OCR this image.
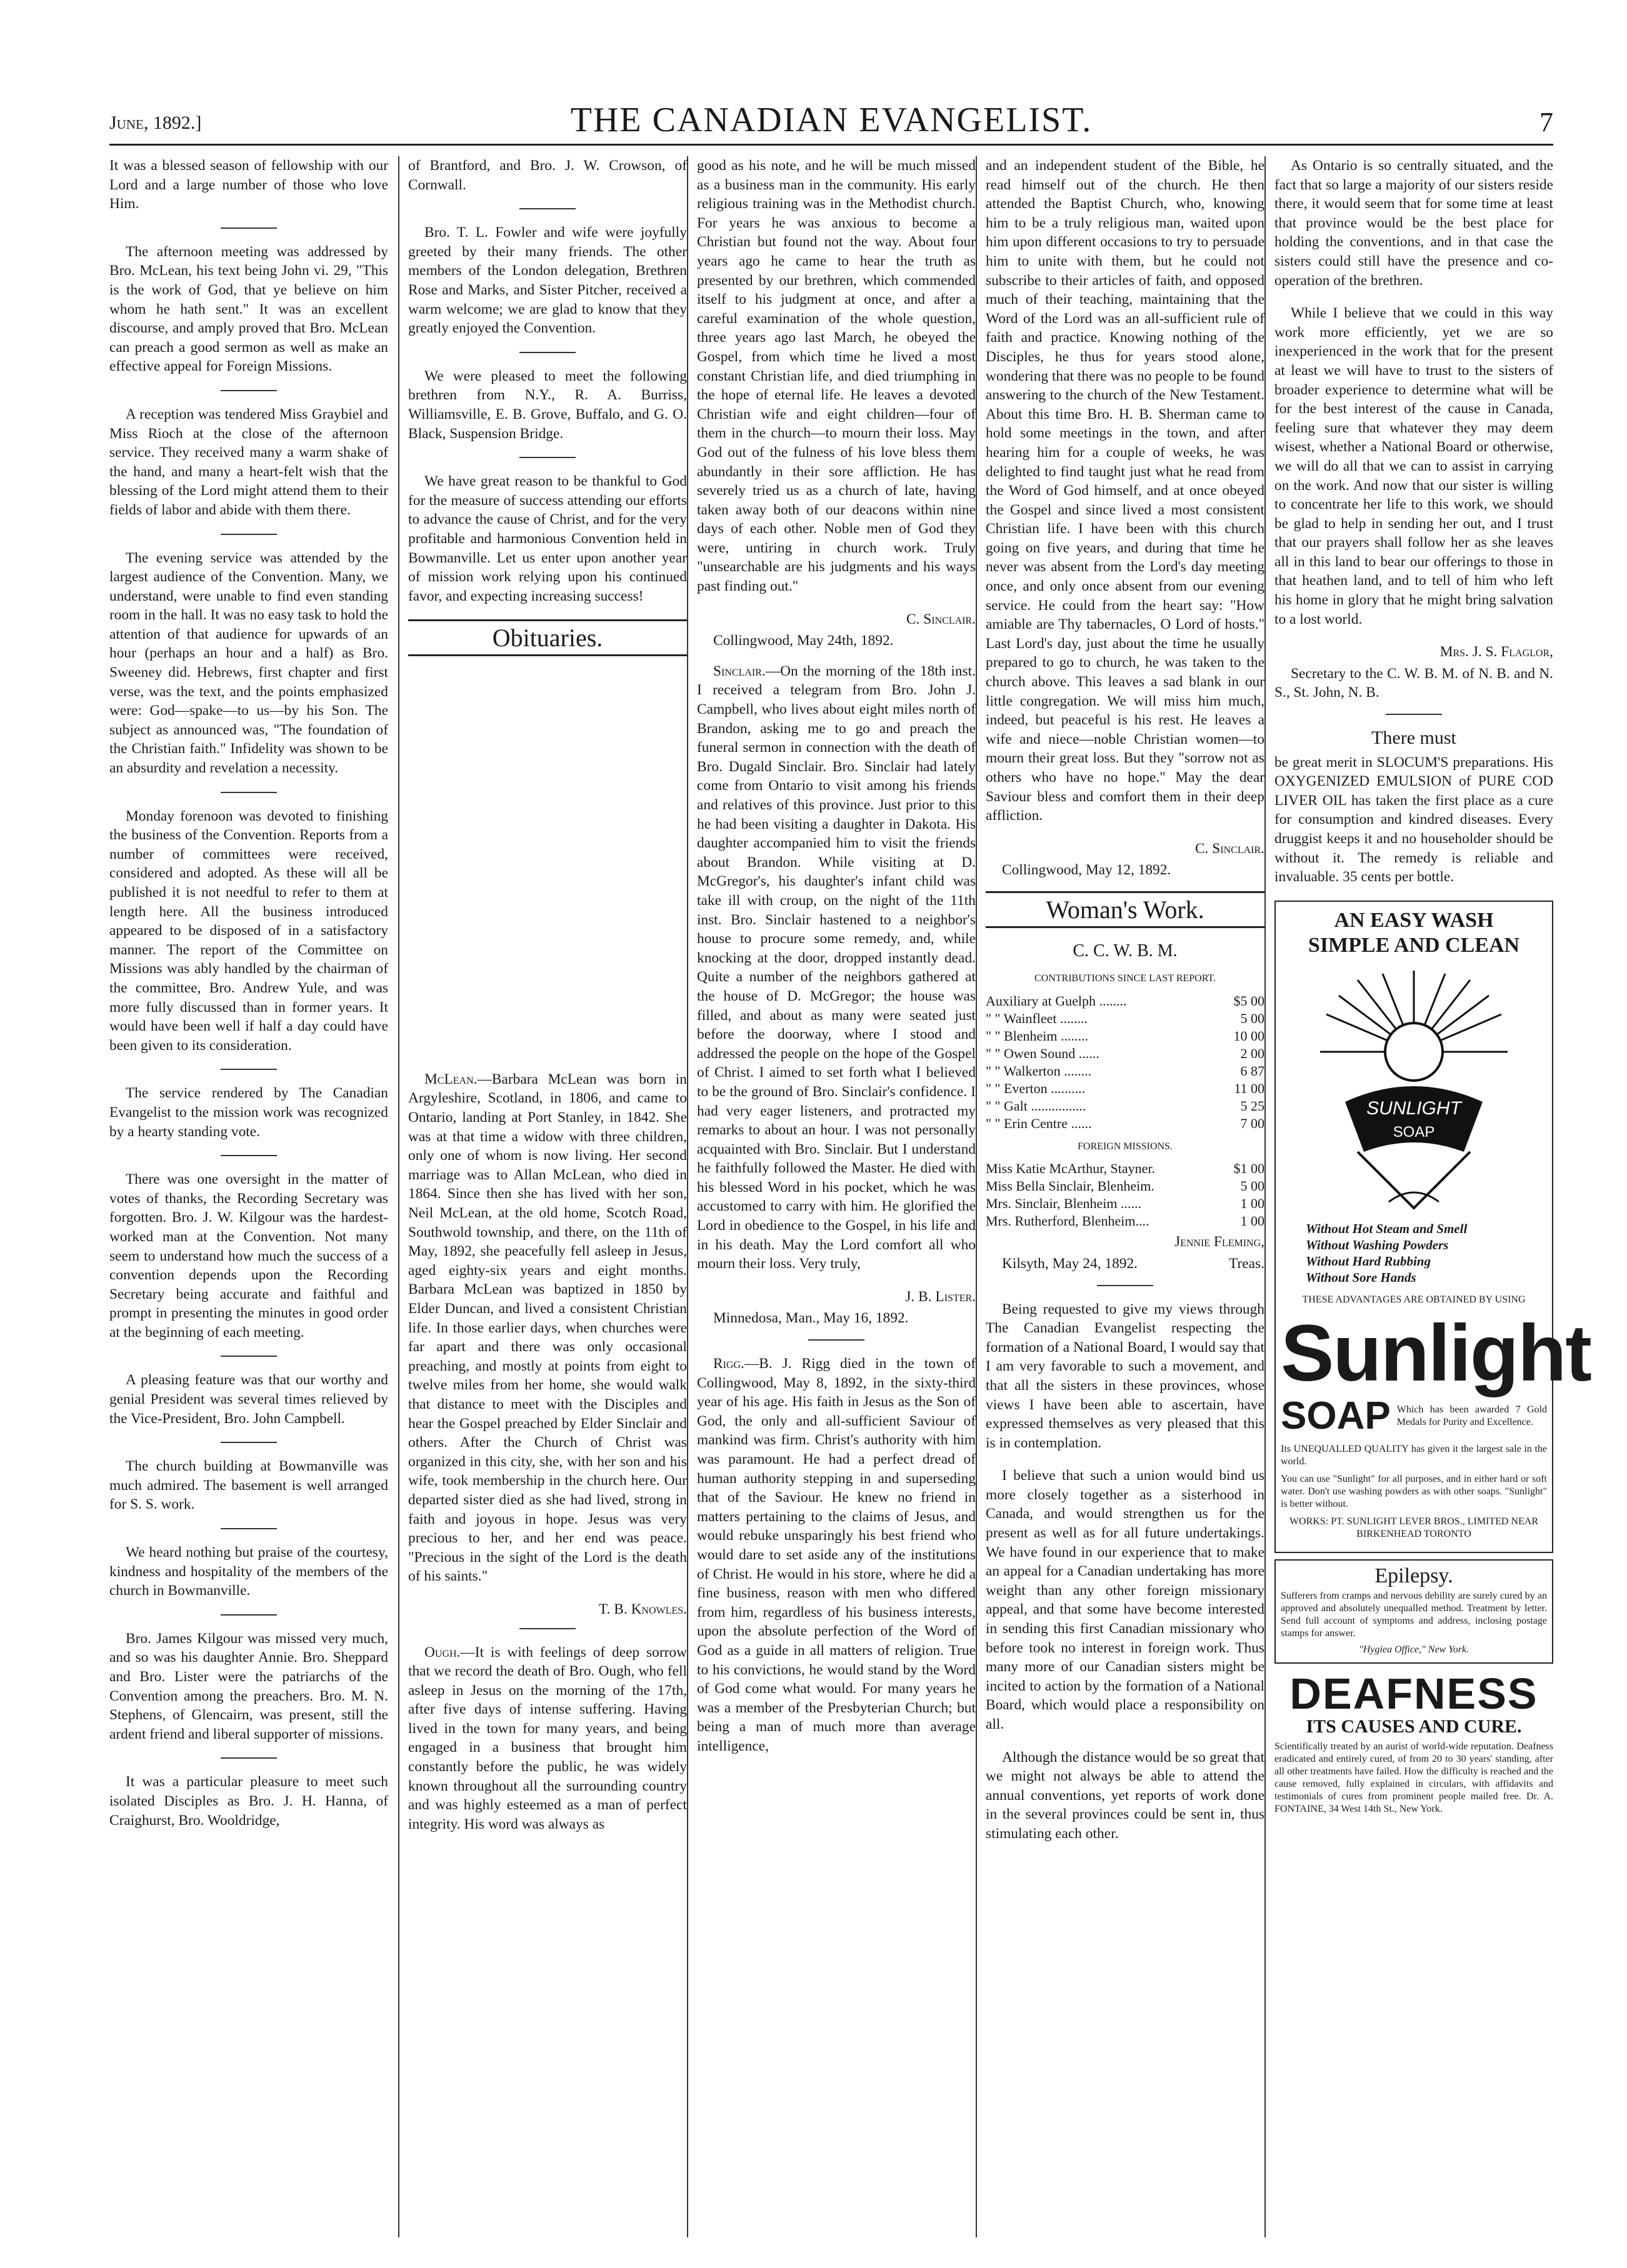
June, 1892.]	THE CANADIAN EVANGELIST.	7

It was a blessed season of fellowship with our Lord and a large number of those who love Him.

The afternoon meeting was addressed by Bro. McLean, his text being John vi. 29, "This is the work of God, that ye believe on him whom he hath sent." It was an excellent discourse, and amply proved that Bro. McLean can preach a good sermon as well as make an effective appeal for Foreign Missions.

A reception was tendered Miss Graybiel and Miss Rioch at the close of the afternoon service. They received many a warm shake of the hand, and many a heart-felt wish that the blessing of the Lord might attend them to their fields of labor and abide with them there.

The evening service was attended by the largest audience of the Convention. Many, we understand, were unable to find even standing room in the hall. It was no easy task to hold the attention of that audience for upwards of an hour (perhaps an hour and a half) as Bro. Sweeney did. Hebrews, first chapter and first verse, was the text, and the points emphasized were: God—spake—to us—by his Son. The subject as announced was, "The foundation of the Christian faith." Infidelity was shown to be an absurdity and revelation a necessity.

Monday forenoon was devoted to finishing the business of the Convention. Reports from a number of committees were received, considered and adopted. As these will all be published it is not needful to refer to them at length here. All the business introduced appeared to be disposed of in a satisfactory manner. The report of the Committee on Missions was ably handled by the chairman of the committee, Bro. Andrew Yule, and was more fully discussed than in former years. It would have been well if half a day could have been given to its consideration.

The service rendered by The Canadian Evangelist to the mission work was recognized by a hearty standing vote.

There was one oversight in the matter of votes of thanks, the Recording Secretary was forgotten. Bro. J. W. Kilgour was the hardest-worked man at the Convention. Not many seem to understand how much the success of a convention depends upon the Recording Secretary being accurate and faithful and prompt in presenting the minutes in good order at the beginning of each meeting.

A pleasing feature was that our worthy and genial President was several times relieved by the Vice-President, Bro. John Campbell.

The church building at Bowmanville was much admired. The basement is well arranged for S. S. work.

We heard nothing but praise of the courtesy, kindness and hospitality of the members of the church in Bowmanville.

Bro. James Kilgour was missed very much, and so was his daughter Annie. Bro. Sheppard and Bro. Lister were the patriarchs of the Convention among the preachers. Bro. M. N. Stephens, of Glencairn, was present, still the ardent friend and liberal supporter of missions.

It was a particular pleasure to meet such isolated Disciples as Bro. J. H. Hanna, of Craighurst, Bro. Wooldridge,

of Brantford, and Bro. J. W. Crowson, of Cornwall.

Bro. T. L. Fowler and wife were joyfully greeted by their many friends. The other members of the London delegation, Brethren Rose and Marks, and Sister Pitcher, received a warm welcome; we are glad to know that they greatly enjoyed the Convention.

We were pleased to meet the following brethren from N.Y., R. A. Burriss, Williamsville, E. B. Grove, Buffalo, and G. O. Black, Suspension Bridge.

We have great reason to be thankful to God for the measure of success attending our efforts to advance the cause of Christ, and for the very profitable and harmonious Convention held in Bowmanville. Let us enter upon another year of mission work relying upon his continued favor, and expecting increasing success!

Obituaries.

McLean.—Barbara McLean was born in Argyleshire, Scotland, in 1806, and came to Ontario, landing at Port Stanley, in 1842. She was at that time a widow with three children, only one of whom is now living. Her second marriage was to Allan McLean, who died in 1864. Since then she has lived with her son, Neil McLean, at the old home, Scotch Road, Southwold township, and there, on the 11th of May, 1892, she peacefully fell asleep in Jesus, aged eighty-six years and eight months. Barbara McLean was baptized in 1850 by Elder Duncan, and lived a consistent Christian life. In those earlier days, when churches were far apart and there was only occasional preaching, and mostly at points from eight to twelve miles from her home, she would walk that distance to meet with the Disciples and hear the Gospel preached by Elder Sinclair and others. After the Church of Christ was organized in this city, she, with her son and his wife, took membership in the church here. Our departed sister died as she had lived, strong in faith and joyous in hope. Jesus was very precious to her, and her end was peace. "Precious in the sight of the Lord is the death of his saints."

T. B. Knowles.

Ough.—It is with feelings of deep sorrow that we record the death of Bro. Ough, who fell asleep in Jesus on the morning of the 17th, after five days of intense suffering. Having lived in the town for many years, and being engaged in a business that brought him constantly before the public, he was widely known throughout all the surrounding country and was highly esteemed as a man of perfect integrity. His word was always as

good as his note, and he will be much missed as a business man in the community. His early religious training was in the Methodist church. For years he was anxious to become a Christian but found not the way. About four years ago he came to hear the truth as presented by our brethren, which commended itself to his judgment at once, and after a careful examination of the whole question, three years ago last March, he obeyed the Gospel, from which time he lived a most constant Christian life, and died triumphing in the hope of eternal life. He leaves a devoted Christian wife and eight children—four of them in the church—to mourn their loss. May God out of the fulness of his love bless them abundantly in their sore affliction. He has severely tried us as a church of late, having taken away both of our deacons within nine days of each other. Noble men of God they were, untiring in church work. Truly "unsearchable are his judgments and his ways past finding out."

C. Sinclair.

Collingwood, May 24th, 1892.

Sinclair.—On the morning of the 18th inst. I received a telegram from Bro. John J. Campbell, who lives about eight miles north of Brandon, asking me to go and preach the funeral sermon in connection with the death of Bro. Dugald Sinclair. Bro. Sinclair had lately come from Ontario to visit among his friends and relatives of this province. Just prior to this he had been visiting a daughter in Dakota. His daughter accompanied him to visit the friends about Brandon. While visiting at D. McGregor's, his daughter's infant child was take ill with croup, on the night of the 11th inst. Bro. Sinclair hastened to a neighbor's house to procure some remedy, and, while knocking at the door, dropped instantly dead. Quite a number of the neighbors gathered at the house of D. McGregor; the house was filled, and about as many were seated just before the doorway, where I stood and addressed the people on the hope of the Gospel of Christ. I aimed to set forth what I believed to be the ground of Bro. Sinclair's confidence. I had very eager listeners, and protracted my remarks to about an hour. I was not personally acquainted with Bro. Sinclair. But I understand he faithfully followed the Master. He died with his blessed Word in his pocket, which he was accustomed to carry with him. He glorified the Lord in obedience to the Gospel, in his life and in his death. May the Lord comfort all who mourn their loss. Very truly,

J. B. Lister.

Minnedosa, Man., May 16, 1892.

Rigg.—B. J. Rigg died in the town of Collingwood, May 8, 1892, in the sixty-third year of his age. His faith in Jesus as the Son of God, the only and all-sufficient Saviour of mankind was firm. Christ's authority with him was paramount. He had a perfect dread of human authority stepping in and superseding that of the Saviour. He knew no friend in matters pertaining to the claims of Jesus, and would rebuke unsparingly his best friend who would dare to set aside any of the institutions of Christ. He would in his store, where he did a fine business, reason with men who differed from him, regardless of his business interests, upon the absolute perfection of the Word of God as a guide in all matters of religion. True to his convictions, he would stand by the Word of God come what would. For many years he was a member of the Presbyterian Church; but being a man of much more than average intelligence,

and an independent student of the Bible, he read himself out of the church. He then attended the Baptist Church, who, knowing him to be a truly religious man, waited upon him upon different occasions to try to persuade him to unite with them, but he could not subscribe to their articles of faith, and opposed much of their teaching, maintaining that the Word of the Lord was an all-sufficient rule of faith and practice. Knowing nothing of the Disciples, he thus for years stood alone, wondering that there was no people to be found answering to the church of the New Testament. About this time Bro. H. B. Sherman came to hold some meetings in the town, and after hearing him for a couple of weeks, he was delighted to find taught just what he read from the Word of God himself, and at once obeyed the Gospel and since lived a most consistent Christian life. I have been with this church going on five years, and during that time he never was absent from the Lord's day meeting once, and only once absent from our evening service. He could from the heart say: "How amiable are Thy tabernacles, O Lord of hosts." Last Lord's day, just about the time he usually prepared to go to church, he was taken to the church above. This leaves a sad blank in our little congregation. We will miss him much, indeed, but peaceful is his rest. He leaves a wife and niece—noble Christian women—to mourn their great loss. But they "sorrow not as others who have no hope." May the dear Saviour bless and comfort them in their deep affliction.

C. Sinclair.

Collingwood, May 12, 1892.

Woman's Work.
C. C. W. B. M.
CONTRIBUTIONS SINCE LAST REPORT.
Auxiliary at Guelph ........	$5 00
" " Wainfleet ........	5 00
" " Blenheim ........	10 00
" " Owen Sound ......	2 00
" " Walkerton ........	6 87
" " Everton ..........	11 00
" " Galt ................	5 25
" " Erin Centre ......	7 00
FOREIGN MISSIONS.
Miss Katie McArthur, Stayner.	$1 00
Miss Bella Sinclair, Blenheim.	5 00
Mrs. Sinclair, Blenheim ......	1 00
Mrs. Rutherford, Blenheim....	1 00

Jennie Fleming,

Kilsyth, May 24, 1892.	Treas.

Being requested to give my views through The Canadian Evangelist respecting the formation of a National Board, I would say that I am very favorable to such a movement, and that all the sisters in these provinces, whose views I have been able to ascertain, have expressed themselves as very pleased that this is in contemplation.

I believe that such a union would bind us more closely together as a sisterhood in Canada, and would strengthen us for the present as well as for all future undertakings. We have found in our experience that to make an appeal for a Canadian undertaking has more weight than any other foreign missionary appeal, and that some have become interested in sending this first Canadian missionary who before took no interest in foreign work. Thus many more of our Canadian sisters might be incited to action by the formation of a National Board, which would place a responsibility on all.

Although the distance would be so great that we might not always be able to attend the annual conventions, yet reports of work done in the several provinces could be sent in, thus stimulating each other.

As Ontario is so centrally situated, and the fact that so large a majority of our sisters reside there, it would seem that for some time at least that province would be the best place for holding the conventions, and in that case the sisters could still have the presence and co-operation of the brethren.

While I believe that we could in this way work more efficiently, yet we are so inexperienced in the work that for the present at least we will have to trust to the sisters of broader experience to determine what will be for the best interest of the cause in Canada, feeling sure that whatever they may deem wisest, whether a National Board or otherwise, we will do all that we can to assist in carrying on the work. And now that our sister is willing to concentrate her life to this work, we should be glad to help in sending her out, and I trust that our prayers shall follow her as she leaves all in this land to bear our offerings to those in that heathen land, and to tell of him who left his home in glory that he might bring salvation to a lost world.

Mrs. J. S. Flaglor,

Secretary to the C. W. B. M. of N. B. and N. S., St. John, N. B.

There must

be great merit in SLOCUM'S preparations. His OXYGENIZED EMULSION of PURE COD LIVER OIL has taken the first place as a cure for consumption and kindred diseases. Every druggist keeps it and no householder should be without it. The remedy is reliable and invaluable. 35 cents per bottle.

AN EASY WASH
SIMPLE AND CLEAN
SUNLIGHT
SOAP
Without Hot Steam and Smell
Without Washing Powders
Without Hard Rubbing
Without Sore Hands
THESE ADVANTAGES ARE OBTAINED BY USING
Sunlight
SOAP Which has been awarded 7 Gold Medals for Purity and Excellence.

Its UNEQUALLED QUALITY has given it the largest sale in the world.

You can use "Sunlight" for all purposes, and in either hard or soft water. Don't use washing powders as with other soaps. "Sunlight" is better without.

WORKS: PT. SUNLIGHT LEVER BROS., LIMITED NEAR BIRKENHEAD TORONTO

Epilepsy.

Sufferers from cramps and nervous debility are surely cured by an approved and absolutely unequalled method. Treatment by letter. Send full account of symptoms and address, inclosing postage stamps for answer.

"Hygiea Office," New York.

DEAFNESS
ITS CAUSES AND CURE.

Scientifically treated by an aurist of world-wide reputation. Deafness eradicated and entirely cured, of from 20 to 30 years' standing, after all other treatments have failed. How the difficulty is reached and the cause removed, fully explained in circulars, with affidavits and testimonials of cures from prominent people mailed free. Dr. A. FONTAINE, 34 West 14th St., New York.
